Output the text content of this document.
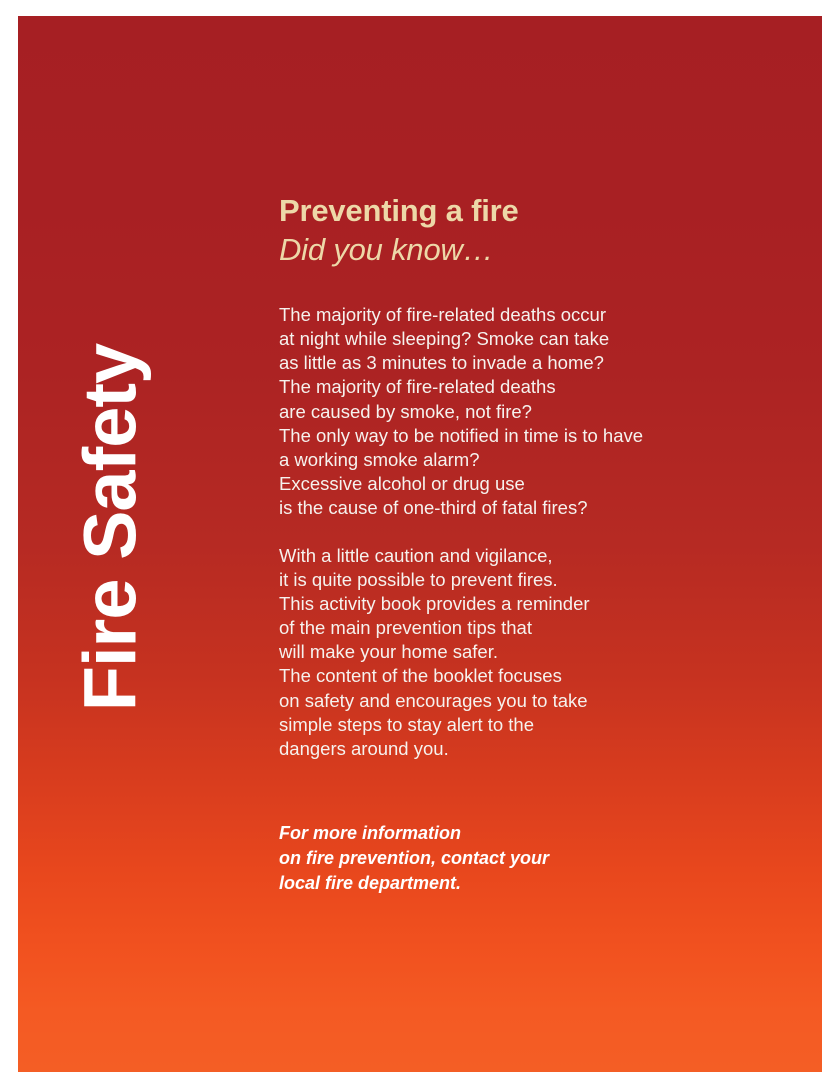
Fire Safety
Preventing a fire
Did you know…

The majority of fire-related deaths occur

at night while sleeping? Smoke can take

as little as 3 minutes to invade a home?

The majority of fire-related deaths

are caused by smoke, not fire?

The only way to be notified in time is to have

a working smoke alarm?

Excessive alcohol or drug use

is the cause of one-third of fatal fires?

With a little caution and vigilance,

it is quite possible to prevent fires.

This activity book provides a reminder

of the main prevention tips that

will make your home safer.

The content of the booklet focuses

on safety and encourages you to take

simple steps to stay alert to the

dangers around you.

For more information

on fire prevention, contact your

local fire department.
